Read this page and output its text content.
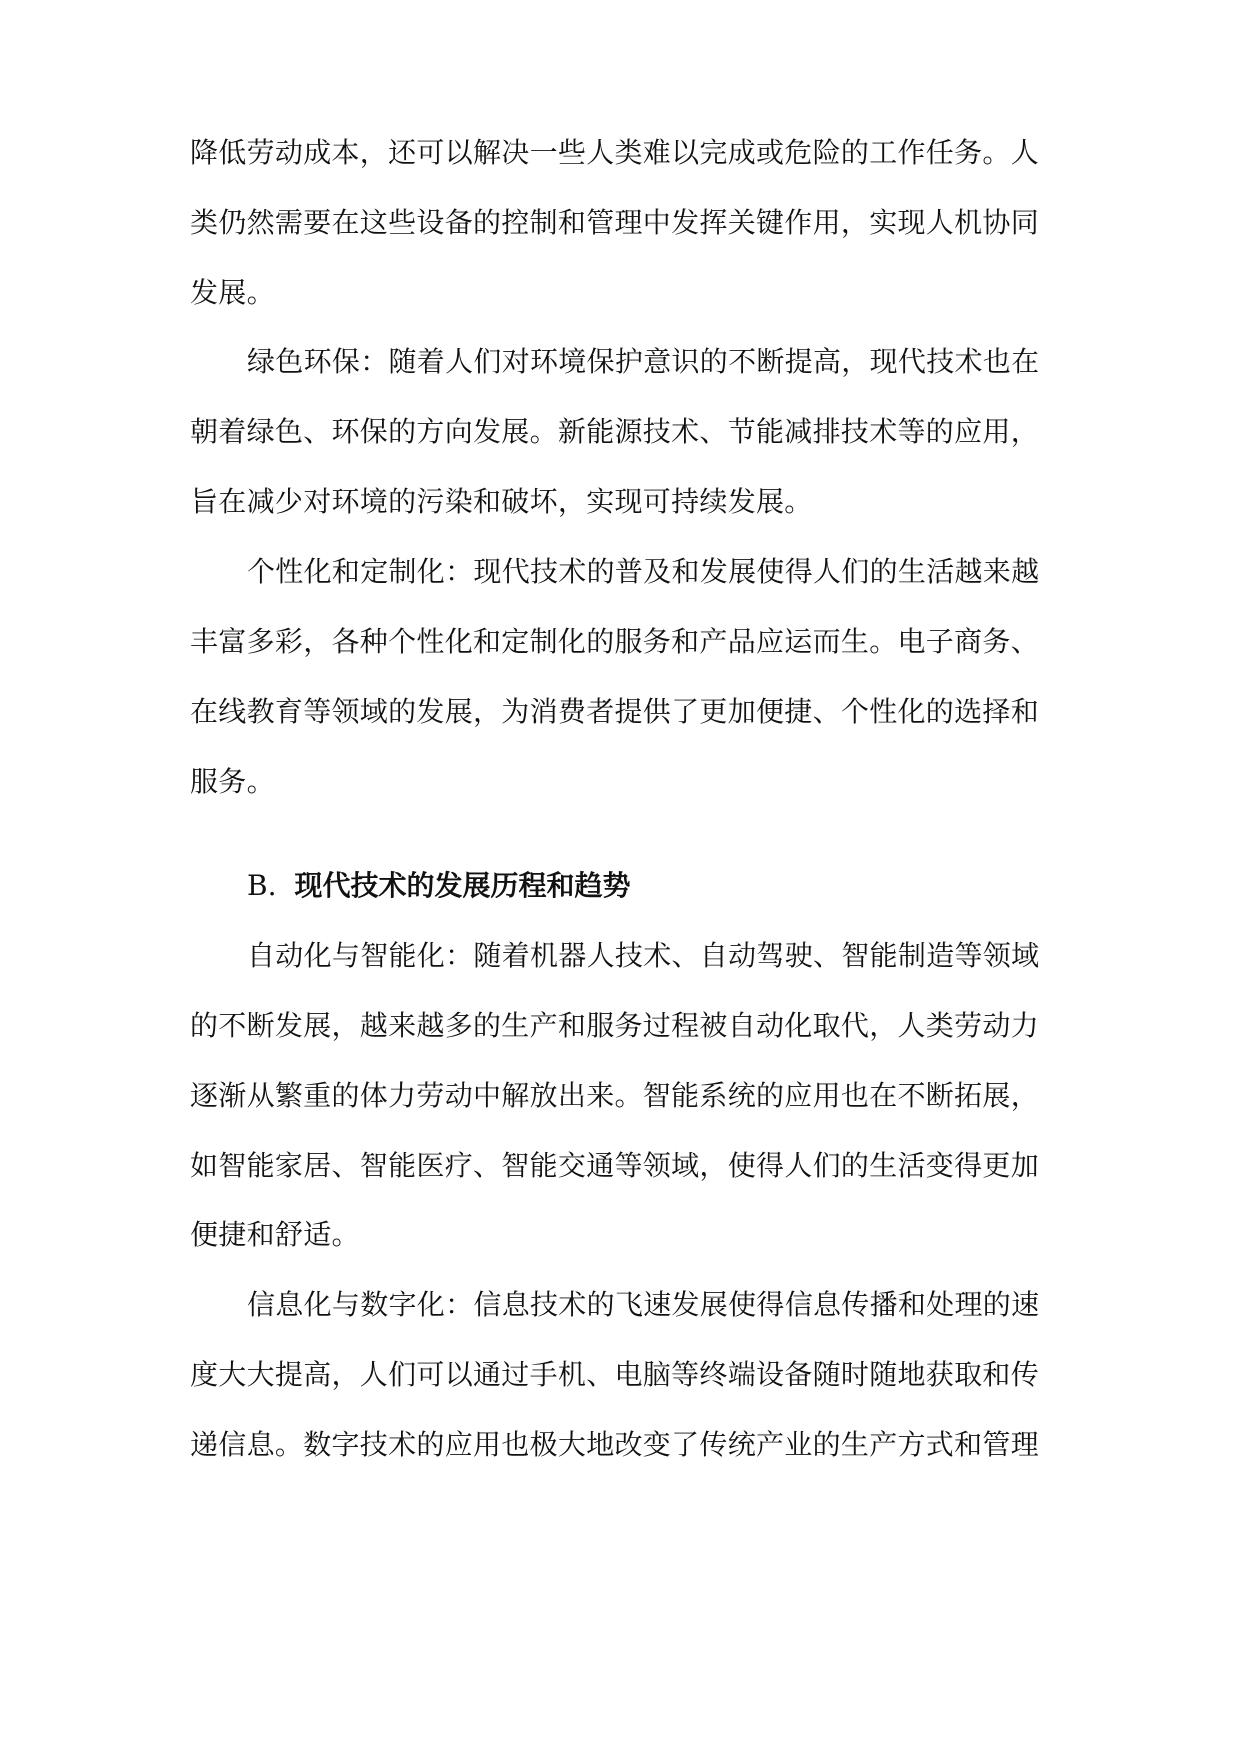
降低劳动成本，还可以解决一些人类难以完成或危险的工作任务。人
类仍然需要在这些设备的控制和管理中发挥关键作用，实现人机协同
发展。
绿色环保：随着人们对环境保护意识的不断提高，现代技术也在
朝着绿色、环保的方向发展。新能源技术、节能减排技术等的应用，
旨在减少对环境的污染和破坏，实现可持续发展。
个性化和定制化：现代技术的普及和发展使得人们的生活越来越
丰富多彩，各种个性化和定制化的服务和产品应运而生。电子商务、
在线教育等领域的发展，为消费者提供了更加便捷、个性化的选择和
服务。
B. 现代技术的发展历程和趋势
自动化与智能化：随着机器人技术、自动驾驶、智能制造等领域
的不断发展，越来越多的生产和服务过程被自动化取代，人类劳动力
逐渐从繁重的体力劳动中解放出来。智能系统的应用也在不断拓展，
如智能家居、智能医疗、智能交通等领域，使得人们的生活变得更加
便捷和舒适。
信息化与数字化：信息技术的飞速发展使得信息传播和处理的速
度大大提高，人们可以通过手机、电脑等终端设备随时随地获取和传
递信息。数字技术的应用也极大地改变了传统产业的生产方式和管理
